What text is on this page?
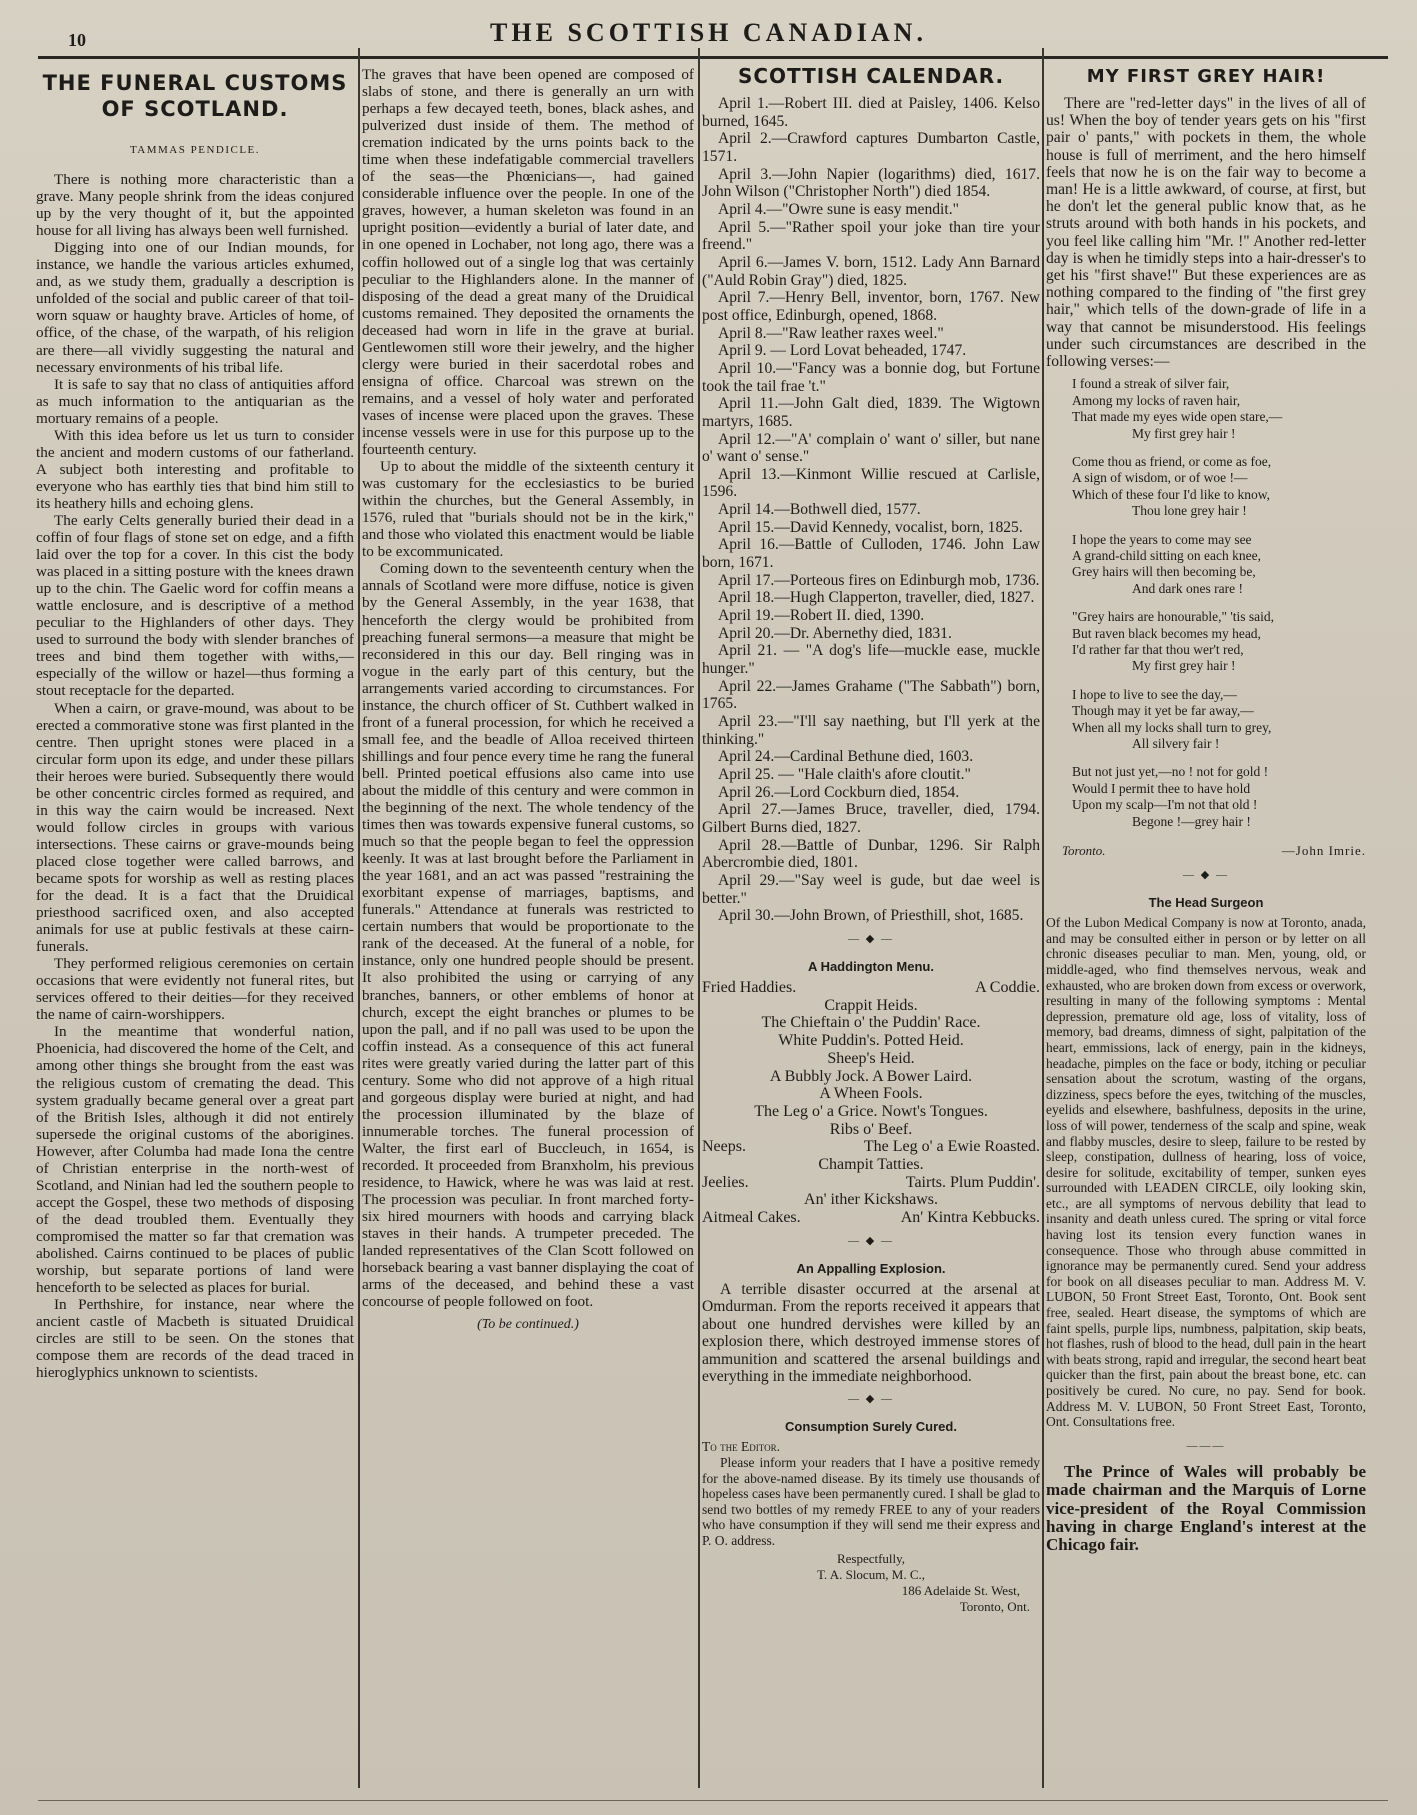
10	THE SCOTTISH CANADIAN.
THE FUNERAL CUSTOMS OF SCOTLAND.
TAMMAS PENDICLE.

There is nothing more characteristic than a grave. Many people shrink from the ideas conjured up by the very thought of it, but the appointed house for all living has always been well furnished.

Digging into one of our Indian mounds, for instance, we handle the various articles exhumed, and, as we study them, gradually a description is unfolded of the social and public career of that toil-worn squaw or haughty brave. Articles of home, of office, of the chase, of the warpath, of his religion are there—all vividly suggesting the natural and necessary environments of his tribal life.

It is safe to say that no class of antiquities afford as much information to the antiquarian as the mortuary remains of a people.

With this idea before us let us turn to consider the ancient and modern customs of our fatherland. A subject both interesting and profitable to everyone who has earthly ties that bind him still to its heathery hills and echoing glens.

The early Celts generally buried their dead in a coffin of four flags of stone set on edge, and a fifth laid over the top for a cover. In this cist the body was placed in a sitting posture with the knees drawn up to the chin. The Gaelic word for coffin means a wattle enclosure, and is descriptive of a method peculiar to the Highlanders of other days. They used to surround the body with slender branches of trees and bind them together with withs,—especially of the willow or hazel—thus forming a stout receptacle for the departed.

When a cairn, or grave-mound, was about to be erected a commorative stone was first planted in the centre. Then upright stones were placed in a circular form upon its edge, and under these pillars their heroes were buried. Subsequently there would be other concentric circles formed as required, and in this way the cairn would be increased. Next would follow circles in groups with various intersections. These cairns or grave-mounds being placed close together were called barrows, and became spots for worship as well as resting places for the dead. It is a fact that the Druidical priesthood sacrificed oxen, and also accepted animals for use at public festivals at these cairn-funerals.

They performed religious ceremonies on certain occasions that were evidently not funeral rites, but services offered to their deities—for they received the name of cairn-worshippers.

In the meantime that wonderful nation, Phoenicia, had discovered the home of the Celt, and among other things she brought from the east was the religious custom of cremating the dead. This system gradually became general over a great part of the British Isles, although it did not entirely supersede the original customs of the aborigines. However, after Columba had made Iona the centre of Christian enterprise in the north-west of Scotland, and Ninian had led the southern people to accept the Gospel, these two methods of disposing of the dead troubled them. Eventually they compromised the matter so far that cremation was abolished. Cairns continued to be places of public worship, but separate portions of land were henceforth to be selected as places for burial.

In Perthshire, for instance, near where the ancient castle of Macbeth is situated Druidical circles are still to be seen. On the stones that compose them are records of the dead traced in hieroglyphics unknown to scientists.

The graves that have been opened are composed of slabs of stone, and there is generally an urn with perhaps a few decayed teeth, bones, black ashes, and pulverized dust inside of them. The method of cremation indicated by the urns points back to the time when these indefatigable commercial travellers of the seas—the Phœnicians—, had gained considerable influence over the people. In one of the graves, however, a human skeleton was found in an upright position—evidently a burial of later date, and in one opened in Lochaber, not long ago, there was a coffin hollowed out of a single log that was certainly peculiar to the Highlanders alone. In the manner of disposing of the dead a great many of the Druidical customs remained. They deposited the ornaments the deceased had worn in life in the grave at burial. Gentlewomen still wore their jewelry, and the higher clergy were buried in their sacerdotal robes and ensigna of office. Charcoal was strewn on the remains, and a vessel of holy water and perforated vases of incense were placed upon the graves. These incense vessels were in use for this purpose up to the fourteenth century.

Up to about the middle of the sixteenth century it was customary for the ecclesiastics to be buried within the churches, but the General Assembly, in 1576, ruled that "burials should not be in the kirk," and those who violated this enactment would be liable to be excommunicated.

Coming down to the seventeenth century when the annals of Scotland were more diffuse, notice is given by the General Assembly, in the year 1638, that henceforth the clergy would be prohibited from preaching funeral sermons—a measure that might be reconsidered in this our day. Bell ringing was in vogue in the early part of this century, but the arrangements varied according to circumstances. For instance, the church officer of St. Cuthbert walked in front of a funeral procession, for which he received a small fee, and the beadle of Alloa received thirteen shillings and four pence every time he rang the funeral bell. Printed poetical effusions also came into use about the middle of this century and were common in the beginning of the next. The whole tendency of the times then was towards expensive funeral customs, so much so that the people began to feel the oppression keenly. It was at last brought before the Parliament in the year 1681, and an act was passed "restraining the exorbitant expense of marriages, baptisms, and funerals." Attendance at funerals was restricted to certain numbers that would be proportionate to the rank of the deceased. At the funeral of a noble, for instance, only one hundred people should be present. It also prohibited the using or carrying of any branches, banners, or other emblems of honor at church, except the eight branches or plumes to be upon the pall, and if no pall was used to be upon the coffin instead. As a consequence of this act funeral rites were greatly varied during the latter part of this century. Some who did not approve of a high ritual and gorgeous display were buried at night, and had the procession illuminated by the blaze of innumerable torches. The funeral procession of Walter, the first earl of Buccleuch, in 1654, is recorded. It proceeded from Branxholm, his previous residence, to Hawick, where he was was laid at rest. The procession was peculiar. In front marched forty-six hired mourners with hoods and carrying black staves in their hands. A trumpeter preceded. The landed representatives of the Clan Scott followed on horseback bearing a vast banner displaying the coat of arms of the deceased, and behind these a vast concourse of people followed on foot.

(To be continued.)
SCOTTISH CALENDAR.

April 1.—Robert III. died at Paisley, 1406. Kelso burned, 1645.

April 2.—Crawford captures Dumbarton Castle, 1571.

April 3.—John Napier (logarithms) died, 1617. John Wilson ("Christopher North") died 1854.

April 4.—"Owre sune is easy mendit."

April 5.—"Rather spoil your joke than tire your freend."

April 6.—James V. born, 1512. Lady Ann Barnard ("Auld Robin Gray") died, 1825.

April 7.—Henry Bell, inventor, born, 1767. New post office, Edinburgh, opened, 1868.

April 8.—"Raw leather raxes weel."

April 9. — Lord Lovat beheaded, 1747.

April 10.—"Fancy was a bonnie dog, but Fortune took the tail frae 't."

April 11.—John Galt died, 1839. The Wigtown martyrs, 1685.

April 12.—"A' complain o' want o' siller, but nane o' want o' sense."

April 13.—Kinmont Willie rescued at Carlisle, 1596.

April 14.—Bothwell died, 1577.

April 15.—David Kennedy, vocalist, born, 1825.

April 16.—Battle of Culloden, 1746. John Law born, 1671.

April 17.—Porteous fires on Edinburgh mob, 1736.

April 18.—Hugh Clapperton, traveller, died, 1827.

April 19.—Robert II. died, 1390.

April 20.—Dr. Abernethy died, 1831.

April 21. — "A dog's life—muckle ease, muckle hunger."

April 22.—James Grahame ("The Sabbath") born, 1765.

April 23.—"I'll say naething, but I'll yerk at the thinking."

April 24.—Cardinal Bethune died, 1603.

April 25. — "Hale claith's afore cloutit."

April 26.—Lord Cockburn died, 1854.

April 27.—James Bruce, traveller, died, 1794. Gilbert Burns died, 1827.

April 28.—Battle of Dunbar, 1296. Sir Ralph Abercrombie died, 1801.

April 29.—"Say weel is gude, but dae weel is better."

April 30.—John Brown, of Priesthill, shot, 1685.

— ◆ —
A Haddington Menu.
Fried Haddies.	A Coddie.
Crappit Heids.
The Chieftain o' the Puddin' Race.
White Puddin's. Potted Heid.
Sheep's Heid.
A Bubbly Jock. A Bower Laird.
A Wheen Fools.
The Leg o' a Grice. Nowt's Tongues.
Ribs o' Beef.
Neeps.	The Leg o' a Ewie Roasted.
Champit Tatties.
Jeelies.	Tairts. Plum Puddin'.
An' ither Kickshaws.
Aitmeal Cakes.	An' Kintra Kebbucks.
— ◆ —
An Appalling Explosion.

A terrible disaster occurred at the arsenal at Omdurman. From the reports received it appears that about one hundred dervishes were killed by an explosion there, which destroyed immense stores of ammunition and scattered the arsenal buildings and everything in the immediate neighborhood.

— ◆ —
Consumption Surely Cured.

To the Editor.

Please inform your readers that I have a positive remedy for the above-named disease. By its timely use thousands of hopeless cases have been permanently cured. I shall be glad to send two bottles of my remedy FREE to any of your readers who have consumption if they will send me their express and P. O. address.

Respectfully,
T. A. Slocum, M. C.,
186 Adelaide St. West,
Toronto, Ont.
MY FIRST GREY HAIR!

There are "red-letter days" in the lives of all of us! When the boy of tender years gets on his "first pair o' pants," with pockets in them, the whole house is full of merriment, and the hero himself feels that now he is on the fair way to become a man! He is a little awkward, of course, at first, but he don't let the general public know that, as he struts around with both hands in his pockets, and you feel like calling him "Mr. !" Another red-letter day is when he timidly steps into a hair-dresser's to get his "first shave!" But these experiences are as nothing compared to the finding of "the first grey hair," which tells of the down-grade of life in a way that cannot be misunderstood. His feelings under such circumstances are described in the following verses:—

I found a streak of silver fair,
Among my locks of raven hair,
That made my eyes wide open stare,—
My first grey hair !
Come thou as friend, or come as foe,
A sign of wisdom, or of woe !—
Which of these four I'd like to know,
Thou lone grey hair !
I hope the years to come may see
A grand-child sitting on each knee,
Grey hairs will then becoming be,
And dark ones rare !
"Grey hairs are honourable," 'tis said,
But raven black becomes my head,
I'd rather far that thou wer't red,
My first grey hair !
I hope to live to see the day,—
Though may it yet be far away,—
When all my locks shall turn to grey,
All silvery fair !
But not just yet,—no ! not for gold !
Would I permit thee to have hold
Upon my scalp—I'm not that old !
Begone !—grey hair !
Toronto.	—John Imrie.
— ◆ —
The Head Surgeon

Of the Lubon Medical Company is now at Toronto, anada, and may be consulted either in person or by letter on all chronic diseases peculiar to man. Men, young, old, or middle-aged, who find themselves nervous, weak and exhausted, who are broken down from excess or overwork, resulting in many of the following symptoms : Mental depression, premature old age, loss of vitality, loss of memory, bad dreams, dimness of sight, palpitation of the heart, emmissions, lack of energy, pain in the kidneys, headache, pimples on the face or body, itching or peculiar sensation about the scrotum, wasting of the organs, dizziness, specs before the eyes, twitching of the muscles, eyelids and elsewhere, bashfulness, deposits in the urine, loss of will power, tenderness of the scalp and spine, weak and flabby muscles, desire to sleep, failure to be rested by sleep, constipation, dullness of hearing, loss of voice, desire for solitude, excitability of temper, sunken eyes surrounded with LEADEN CIRCLE, oily looking skin, etc., are all symptoms of nervous debility that lead to insanity and death unless cured. The spring or vital force having lost its tension every function wanes in consequence. Those who through abuse committed in ignorance may be permanently cured. Send your address for book on all diseases peculiar to man. Address M. V. LUBON, 50 Front Street East, Toronto, Ont. Book sent free, sealed. Heart disease, the symptoms of which are faint spells, purple lips, numbness, palpitation, skip beats, hot flashes, rush of blood to the head, dull pain in the heart with beats strong, rapid and irregular, the second heart beat quicker than the first, pain about the breast bone, etc. can positively be cured. No cure, no pay. Send for book. Address M. V. LUBON, 50 Front Street East, Toronto, Ont. Consultations free.

———

The Prince of Wales will probably be made chairman and the Marquis of Lorne vice-president of the Royal Commission having in charge England's interest at the Chicago fair.
